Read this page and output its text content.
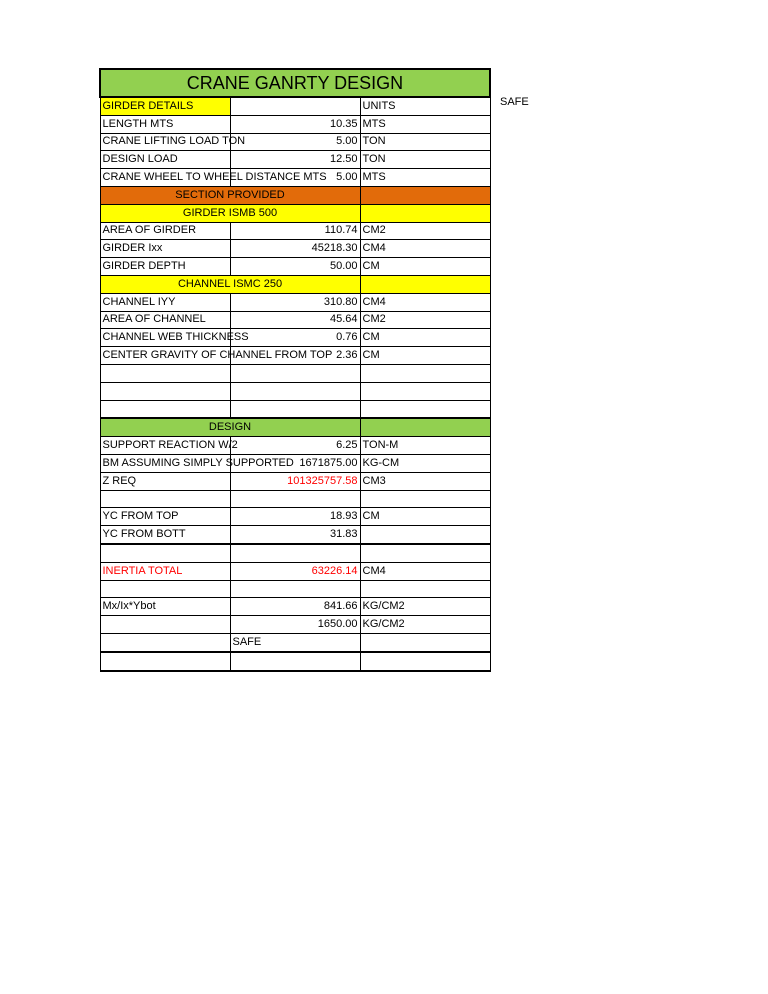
CRANE GANRTY DESIGN		
GIRDER DETAILS		UNITS
LENGTH MTS	10.35	MTS
CRANE LIFTING LOAD TON	5.00	TON
DESIGN LOAD	12.50	TON
CRANE WHEEL TO WHEEL DISTANCE MTS	5.00	MTS
SECTION PROVIDED		
GIRDER ISMB 500		
AREA OF GIRDER	110.74	CM2
GIRDER Ixx	45218.30	CM4
GIRDER DEPTH	50.00	CM
CHANNEL ISMC 250		
CHANNEL IYY	310.80	CM4
AREA OF CHANNEL	45.64	CM2
CHANNEL WEB THICKNESS	0.76	CM
CENTER GRAVITY OF CHANNEL FROM TOP	2.36	CM

DESIGN		
SUPPORT REACTION W/2	6.25	TON-M
BM ASSUMING SIMPLY SUPPORTED	1671875.00	KG-CM
Z REQ	101325757.58	CM3

YC FROM TOP	18.93	CM
YC FROM BOTT	31.83	

INERTIA TOTAL	63226.14	CM4

Mx/Ix*Ybot	841.66	KG/CM2
	1650.00	KG/CM2
	SAFE	

SAFE
